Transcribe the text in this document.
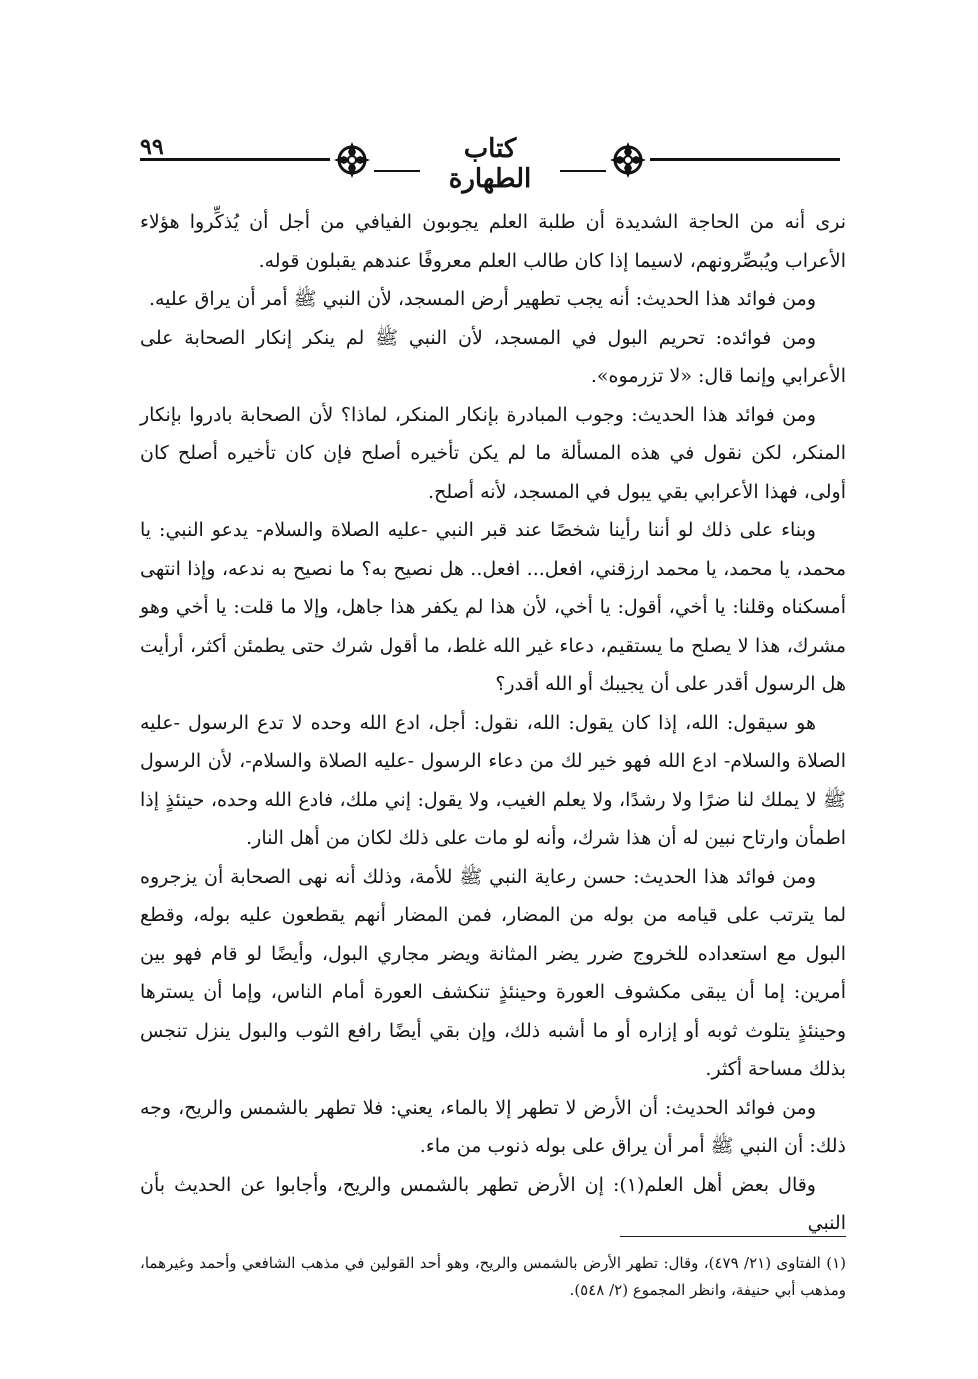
٩٩	كتاب الطهارة

نرى أنه من الحاجة الشديدة أن طلبة العلم يجوبون الفيافي من أجل أن يُذكِّروا هؤلاء الأعراب ويُبصِّرونهم، لاسيما إذا كان طالب العلم معروفًا عندهم يقبلون قوله.

ومن فوائد هذا الحديث: أنه يجب تطهير أرض المسجد، لأن النبي ﷺ أمر أن يراق عليه.

ومن فوائده: تحريم البول في المسجد، لأن النبي ﷺ لم ينكر إنكار الصحابة على الأعرابي وإنما قال: «لا تزرموه».

ومن فوائد هذا الحديث: وجوب المبادرة بإنكار المنكر، لماذا؟ لأن الصحابة بادروا بإنكار المنكر، لكن نقول في هذه المسألة ما لم يكن تأخيره أصلح فإن كان تأخيره أصلح كان أولى، فهذا الأعرابي بقي يبول في المسجد، لأنه أصلح.

وبناء على ذلك لو أننا رأينا شخصًا عند قبر النبي -عليه الصلاة والسلام- يدعو النبي: يا محمد، يا محمد، يا محمد ارزقني، افعل... افعل.. هل نصيح به؟ ما نصيح به ندعه، وإذا انتهى أمسكناه وقلنا: يا أخي، أقول: يا أخي، لأن هذا لم يكفر هذا جاهل، وإلا ما قلت: يا أخي وهو مشرك، هذا لا يصلح ما يستقيم، دعاء غير الله غلط، ما أقول شرك حتى يطمئن أكثر، أرأيت هل الرسول أقدر على أن يجيبك أو الله أقدر؟

هو سيقول: الله، إذا كان يقول: الله، نقول: أجل، ادع الله وحده لا تدع الرسول -عليه الصلاة والسلام- ادع الله فهو خير لك من دعاء الرسول -عليه الصلاة والسلام-، لأن الرسول ﷺ لا يملك لنا ضرًا ولا رشدًا، ولا يعلم الغيب، ولا يقول: إني ملك، فادع الله وحده، حينئذٍ إذا اطمأن وارتاح نبين له أن هذا شرك، وأنه لو مات على ذلك لكان من أهل النار.

ومن فوائد هذا الحديث: حسن رعاية النبي ﷺ للأمة، وذلك أنه نهى الصحابة أن يزجروه لما يترتب على قيامه من بوله من المضار، فمن المضار أنهم يقطعون عليه بوله، وقطع البول مع استعداده للخروج ضرر يضر المثانة ويضر مجاري البول، وأيضًا لو قام فهو بين أمرين: إما أن يبقى مكشوف العورة وحينئذٍ تنكشف العورة أمام الناس، وإما أن يسترها وحينئذٍ يتلوث ثوبه أو إزاره أو ما أشبه ذلك، وإن بقي أيضًا رافع الثوب والبول ينزل تنجس بذلك مساحة أكثر.

ومن فوائد الحديث: أن الأرض لا تطهر إلا بالماء، يعني: فلا تطهر بالشمس والريح، وجه ذلك: أن النبي ﷺ أمر أن يراق على بوله ذنوب من ماء.

وقال بعض أهل العلم(١): إن الأرض تطهر بالشمس والريح، وأجابوا عن الحديث بأن النبي

(١) الفتاوى (٢١/ ٤٧٩)، وقال: تطهر الأرض بالشمس والريح، وهو أحد القولين في مذهب الشافعي وأحمد وغيرهما، ومذهب أبي حنيفة، وانظر المجموع (٢/ ٥٤٨).
